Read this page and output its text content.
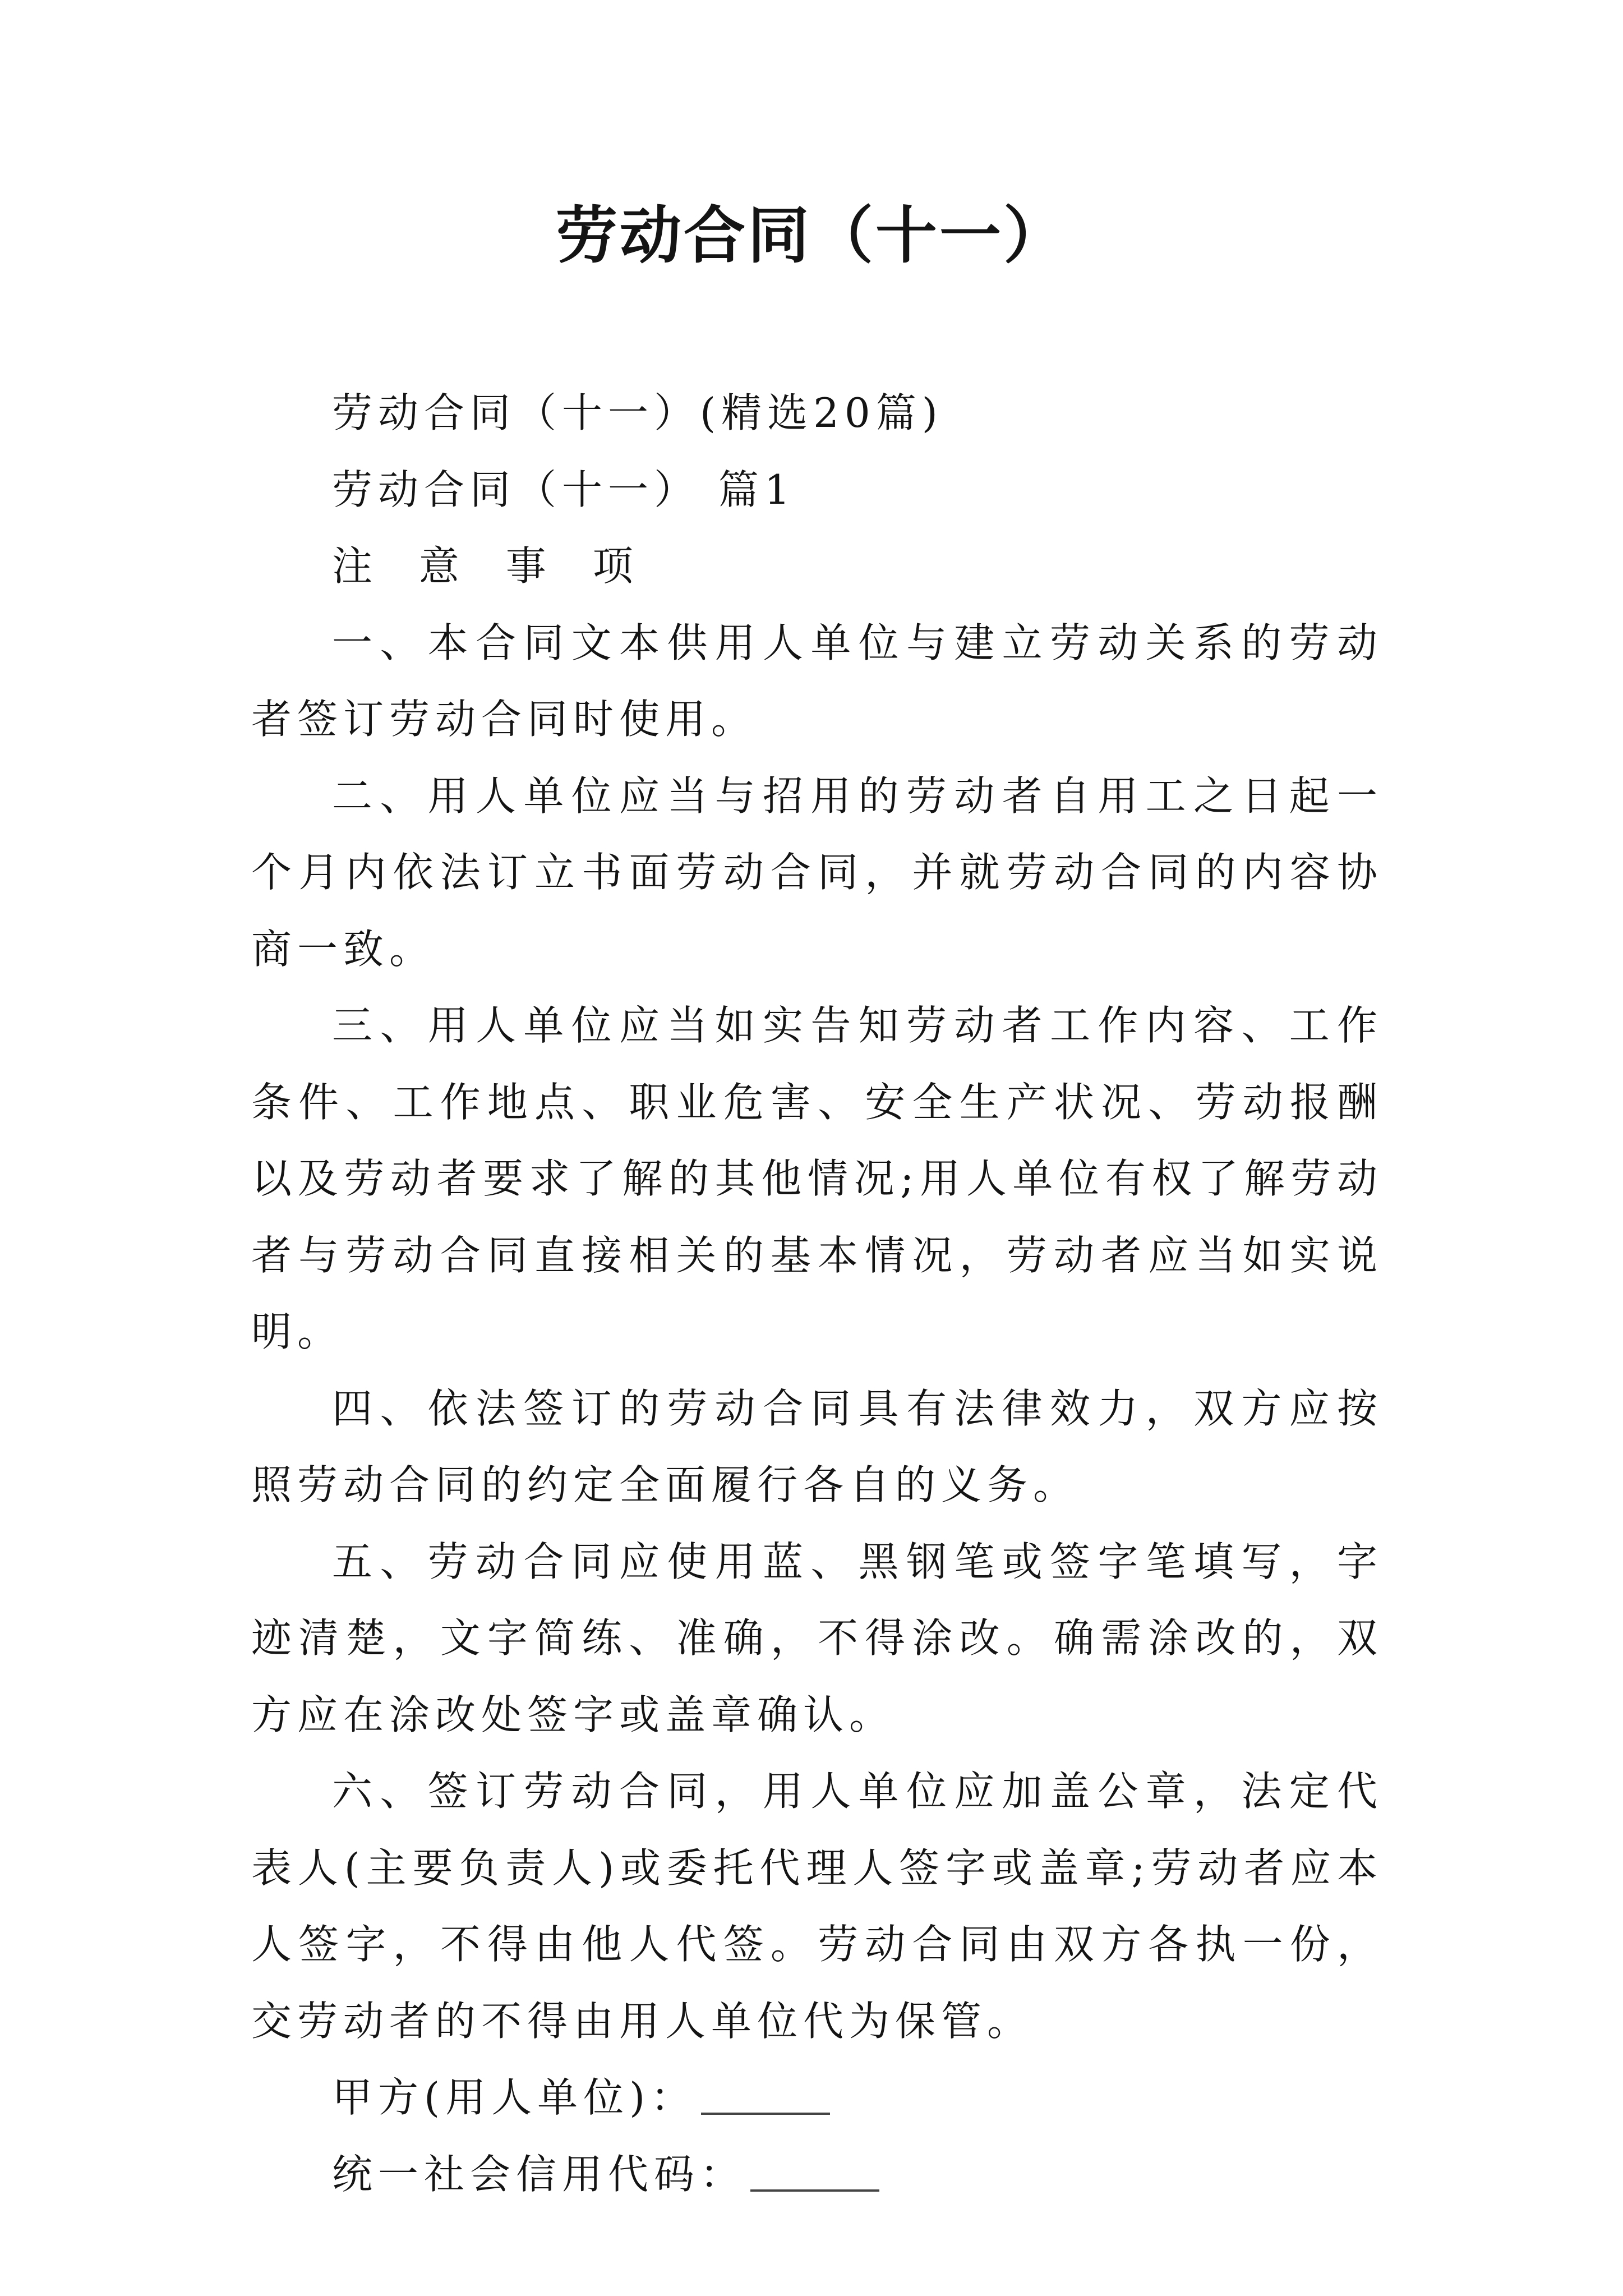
劳动合同（十一）

劳动合同（十一）(精选20篇)

劳动合同（十一） 篇1

注 意 事 项

一、本合同文本供用人单位与建立劳动关系的劳动者签订劳动合同时使用。

二、用人单位应当与招用的劳动者自用工之日起一个月内依法订立书面劳动合同，并就劳动合同的内容协商一致。

三、用人单位应当如实告知劳动者工作内容、工作条件、工作地点、职业危害、安全生产状况、劳动报酬以及劳动者要求了解的其他情况;用人单位有权了解劳动者与劳动合同直接相关的基本情况，劳动者应当如实说明。

四、依法签订的劳动合同具有法律效力，双方应按照劳动合同的约定全面履行各自的义务。

五、劳动合同应使用蓝、黑钢笔或签字笔填写，字迹清楚，文字简练、准确，不得涂改。确需涂改的，双方应在涂改处签字或盖章确认。

六、签订劳动合同，用人单位应加盖公章，法定代表人(主要负责人)或委托代理人签字或盖章;劳动者应本人签字，不得由他人代签。劳动合同由双方各执一份，交劳动者的不得由用人单位代为保管。

甲方(用人单位)：

统一社会信用代码：
